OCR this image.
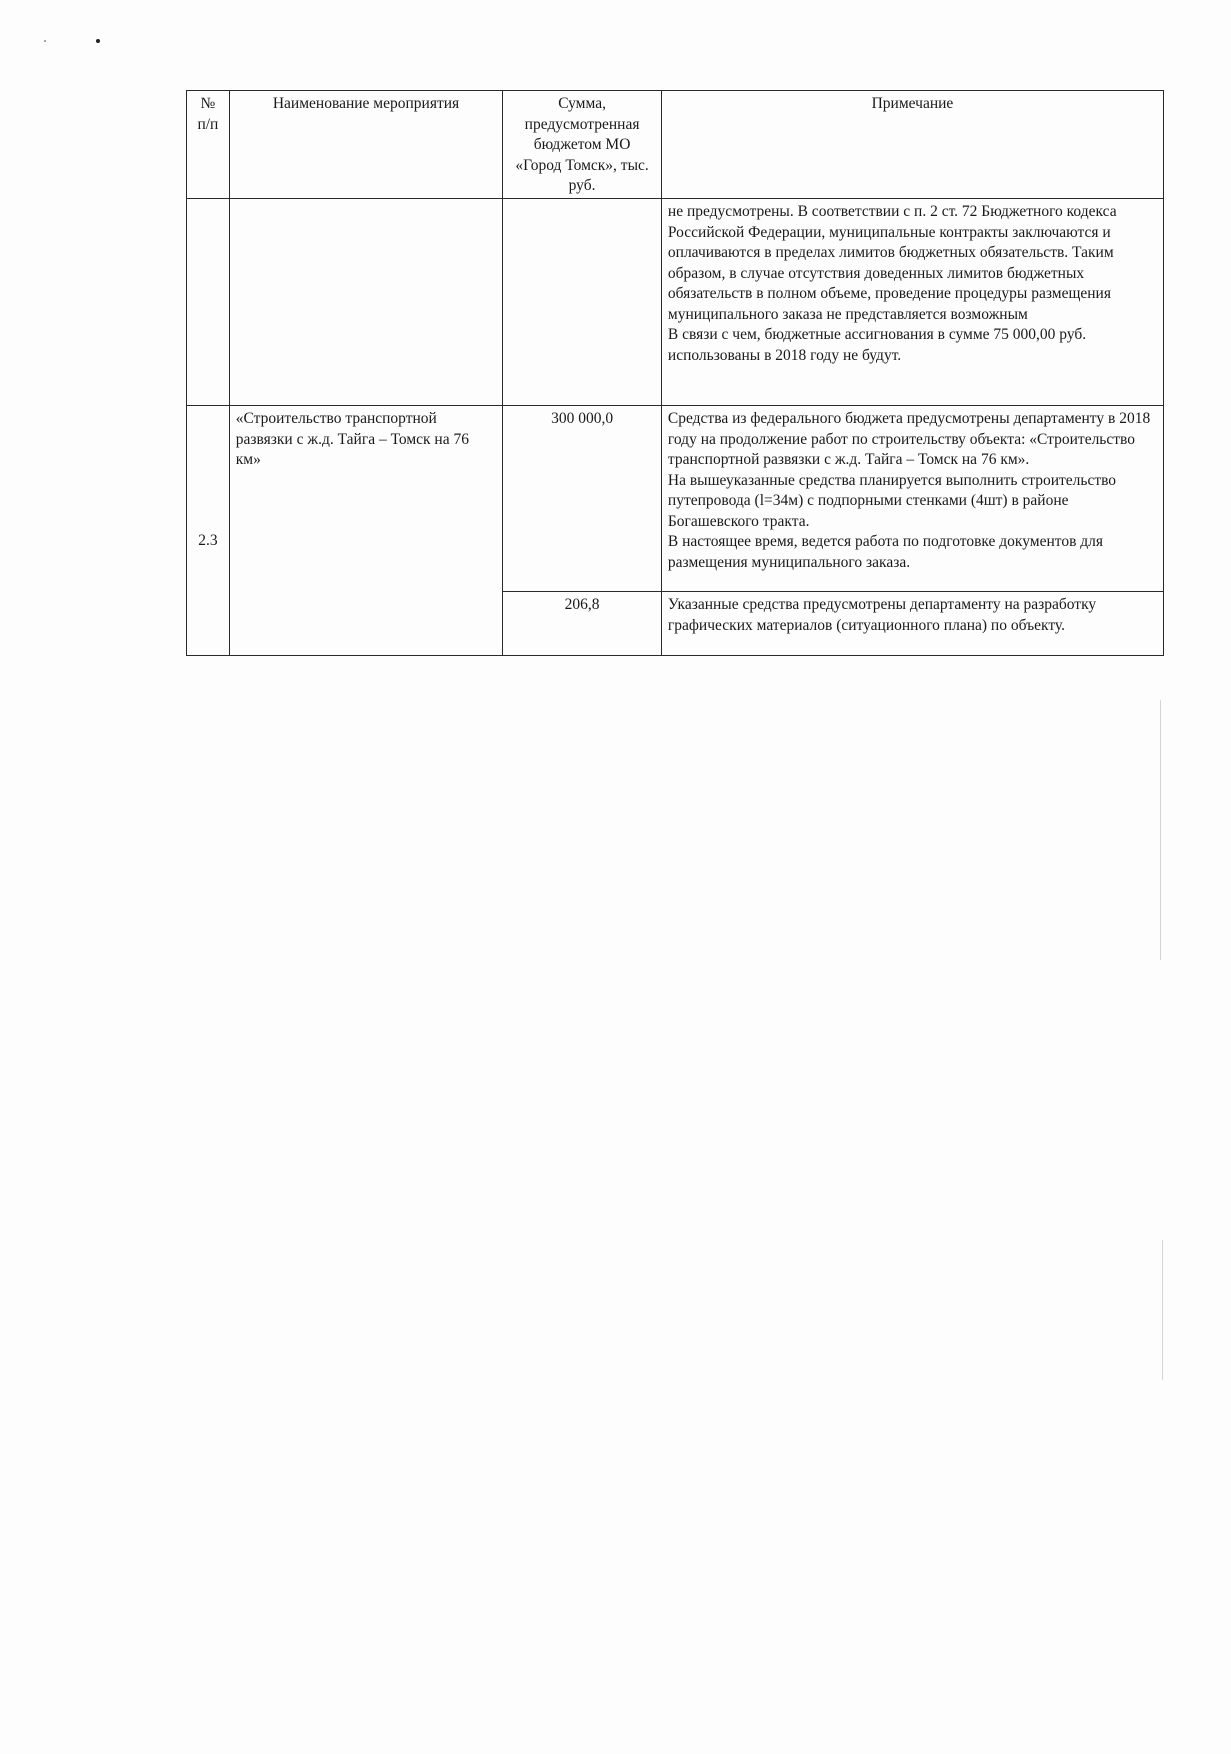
№ п/п	Наименование мероприятия	Сумма, предусмотренная бюджетом МО «Город Томск», тыс. руб.	Примечание
			не предусмотрены. В соответствии с п. 2 ст. 72 Бюджетного кодекса Российской Федерации, муниципальные контракты заключаются и оплачиваются в пределах лимитов бюджетных обязательств. Таким образом, в случае отсутствия доведенных лимитов бюджетных обязательств в полном объеме, проведение процедуры размещения муниципального заказа не представляется возможным
В связи с чем, бюджетные ассигнования в сумме 75 000,00 руб. использованы в 2018 году не будут.
2.3	«Строительство транспортной развязки с ж.д. Тайга – Томск на 76 км»	300 000,0	Средства из федерального бюджета предусмотрены департаменту в 2018 году на продолжение работ по строительству объекта: «Строительство транспортной развязки с ж.д. Тайга – Томск на 76 км».
На вышеуказанные средства планируется выполнить строительство путепровода (l=34м) с подпорными стенками (4шт) в районе Богашевского тракта.
В настоящее время, ведется работа по подготовке документов для размещения муниципального заказа.
		206,8	Указанные средства предусмотрены департаменту на разработку графических материалов (ситуационного плана) по объекту.
